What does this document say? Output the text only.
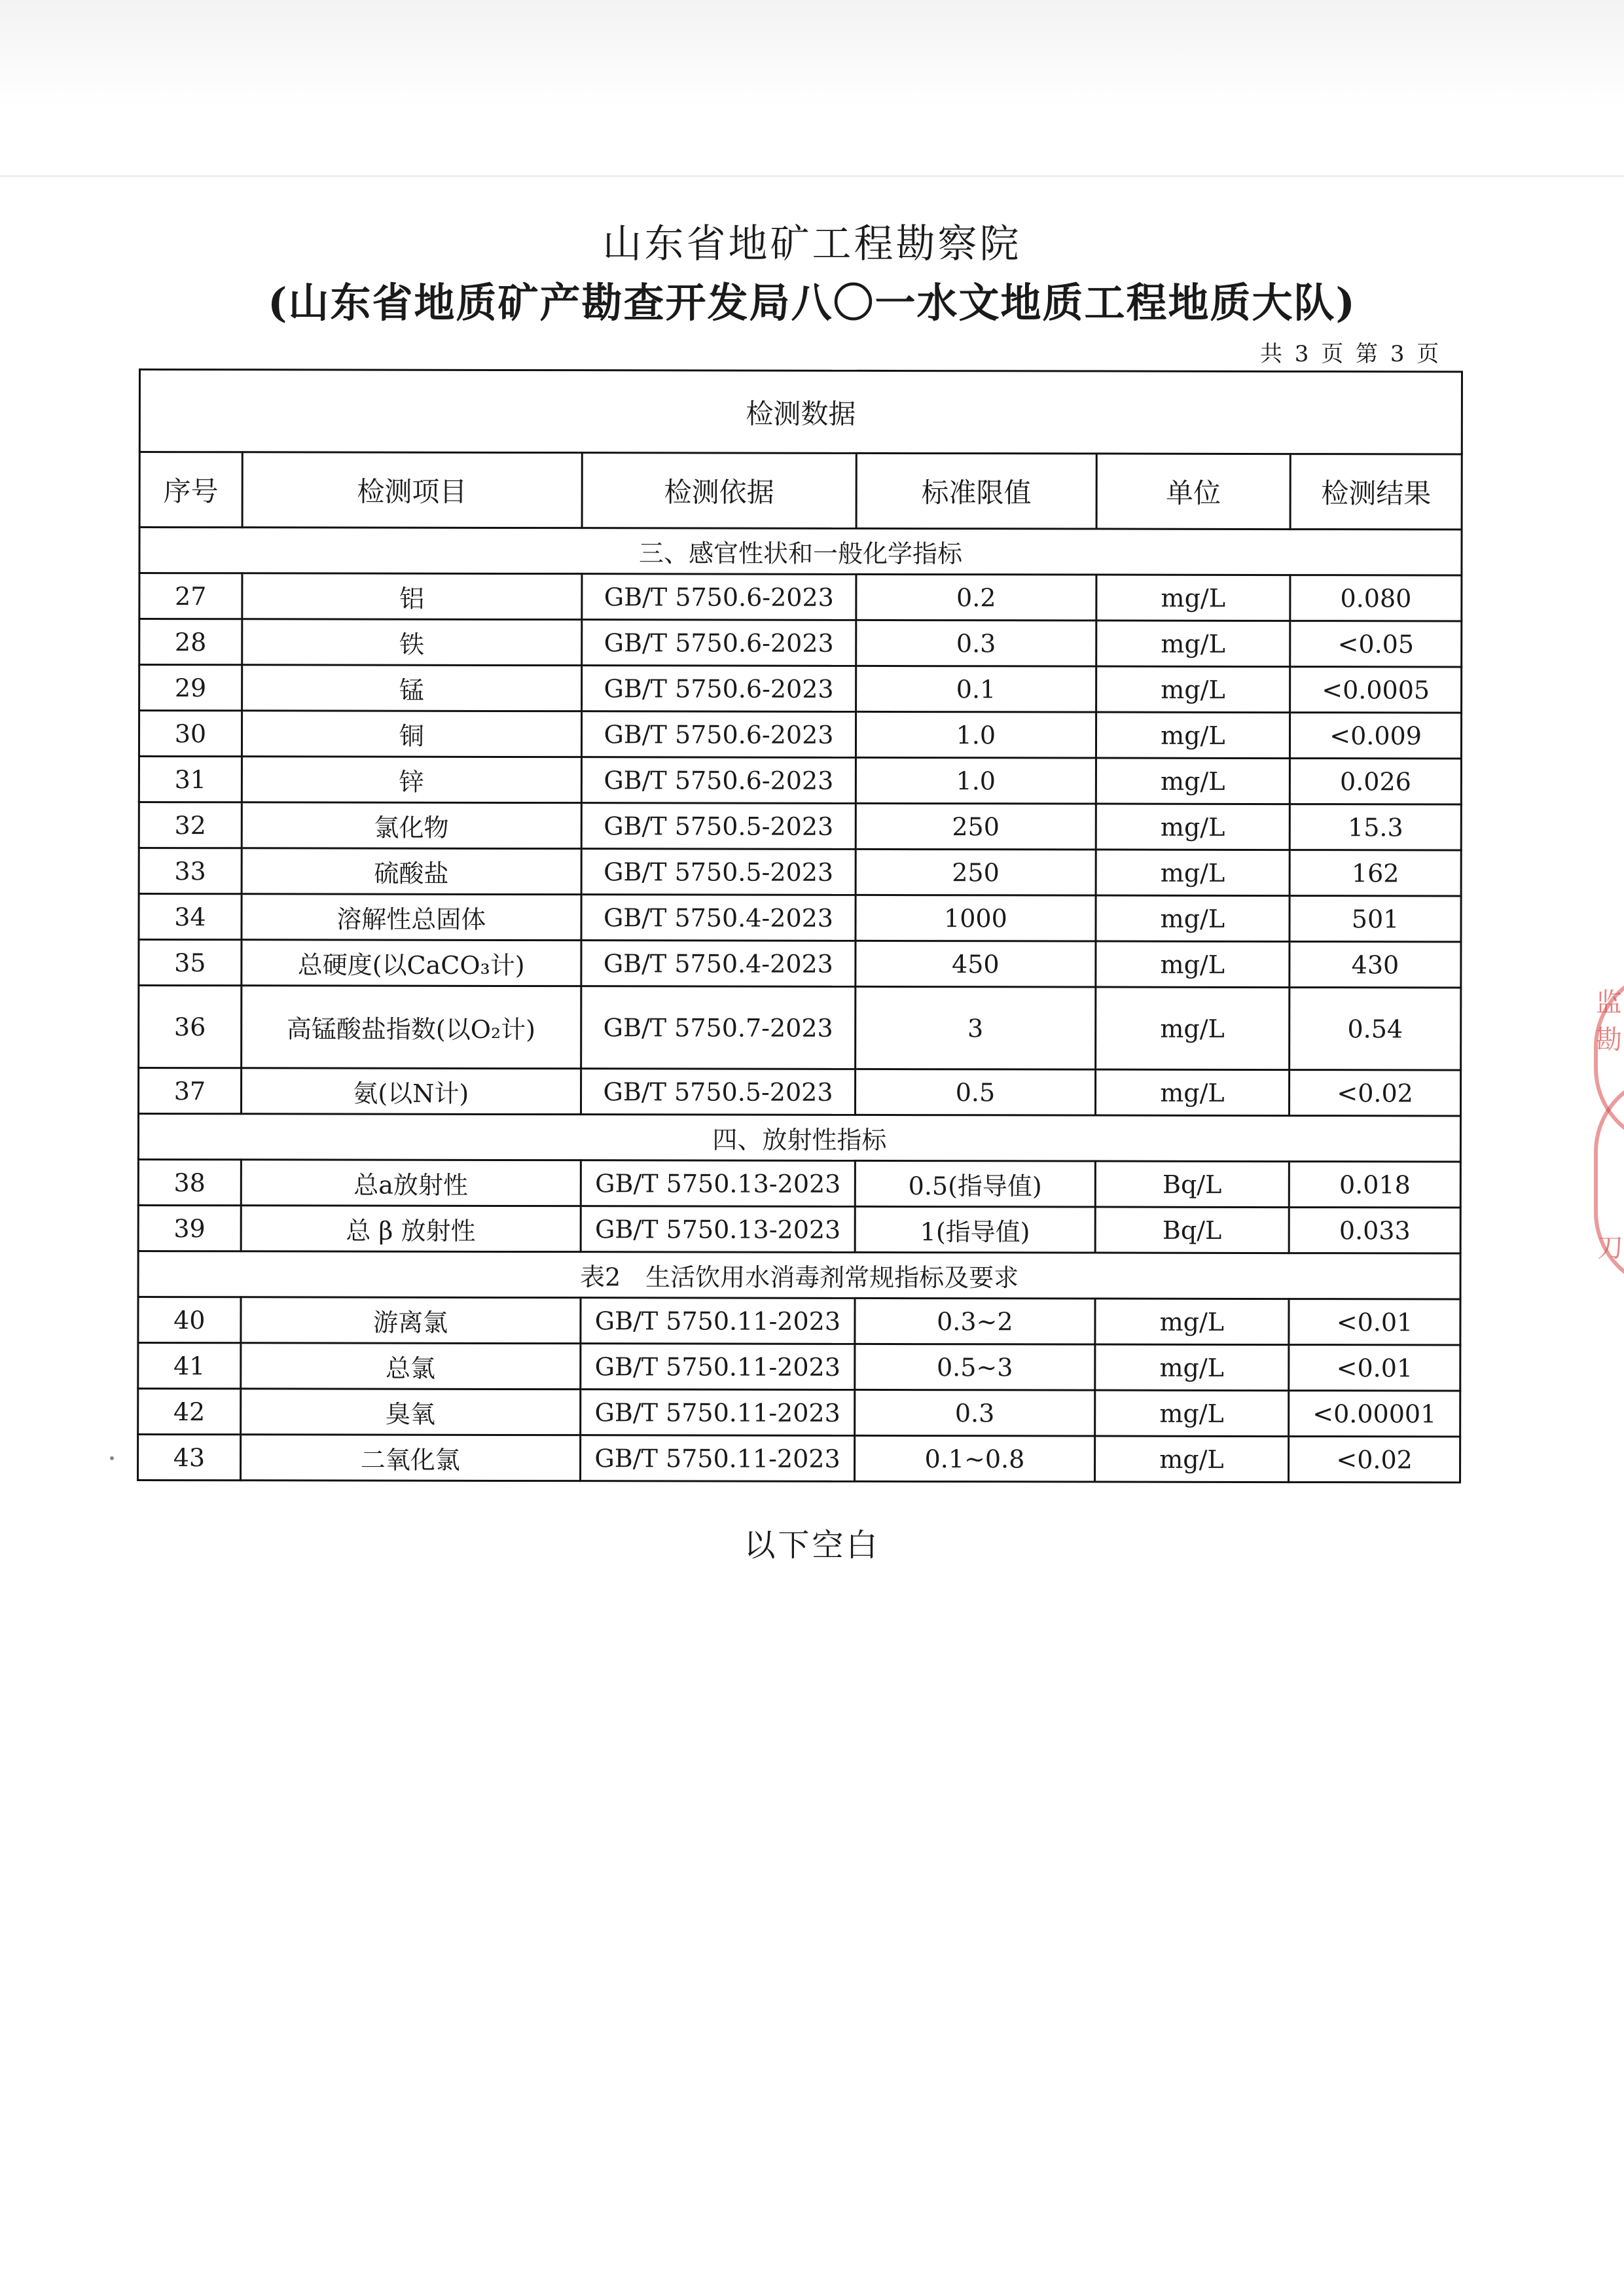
山东省地矿工程勘察院
(山东省地质矿产勘查开发局八〇一水文地质工程地质大队)
共 3 页 第 3 页
检测数据					
序号	检测项目	检测依据	标准限值	单位	检测结果
三、感官性状和一般化学指标					
27	铝	GB/T 5750.6-2023	0.2	mg/L	0.080
28	铁	GB/T 5750.6-2023	0.3	mg/L	<0.05
29	锰	GB/T 5750.6-2023	0.1	mg/L	<0.0005
30	铜	GB/T 5750.6-2023	1.0	mg/L	<0.009
31	锌	GB/T 5750.6-2023	1.0	mg/L	0.026
32	氯化物	GB/T 5750.5-2023	250	mg/L	15.3
33	硫酸盐	GB/T 5750.5-2023	250	mg/L	162
34	溶解性总固体	GB/T 5750.4-2023	1000	mg/L	501
35	总硬度(以CaCO₃计)	GB/T 5750.4-2023	450	mg/L	430
36	高锰酸盐指数(以O₂计)	GB/T 5750.7-2023	3	mg/L	0.54
37	氨(以N计)	GB/T 5750.5-2023	0.5	mg/L	<0.02
四、放射性指标					
38	总a放射性	GB/T 5750.13-2023	0.5(指导值)	Bq/L	0.018
39	总 β 放射性	GB/T 5750.13-2023	1(指导值)	Bq/L	0.033
表2　生活饮用水消毒剂常规指标及要求					
40	游离氯	GB/T 5750.11-2023	0.3~2	mg/L	<0.01
41	总氯	GB/T 5750.11-2023	0.5~3	mg/L	<0.01
42	臭氧	GB/T 5750.11-2023	0.3	mg/L	<0.00001
43	二氧化氯	GB/T 5750.11-2023	0.1~0.8	mg/L	<0.02
以下空白
监勘
刀
